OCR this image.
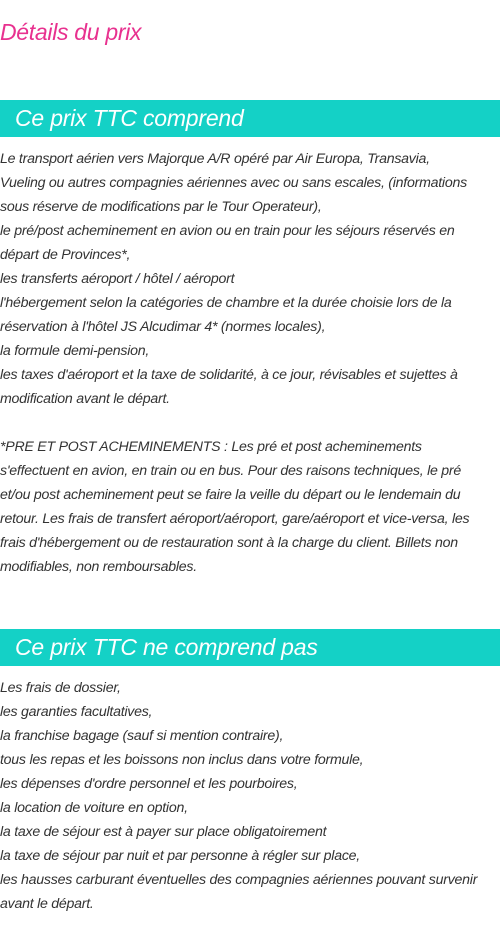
Détails du prix
Ce prix TTC comprend
Le transport aérien vers Majorque A/R opéré par Air Europa, Transavia,
Vueling ou autres compagnies aériennes avec ou sans escales, (informations
sous réserve de modifications par le Tour Operateur),
le pré/post acheminement en avion ou en train pour les séjours réservés en
départ de Provinces*,
les transferts aéroport / hôtel / aéroport
l'hébergement selon la catégories de chambre et la durée choisie lors de la
réservation à l'hôtel JS Alcudimar 4* (normes locales),
la formule demi-pension,
les taxes d'aéroport et la taxe de solidarité, à ce jour, révisables et sujettes à
modification avant le départ.
*PRE ET POST ACHEMINEMENTS : Les pré et post acheminements
s'effectuent en avion, en train ou en bus. Pour des raisons techniques, le pré
et/ou post acheminement peut se faire la veille du départ ou le lendemain du
retour. Les frais de transfert aéroport/aéroport, gare/aéroport et vice-versa, les
frais d'hébergement ou de restauration sont à la charge du client. Billets non
modifiables, non remboursables.
Ce prix TTC ne comprend pas
Les frais de dossier,
les garanties facultatives,
la franchise bagage (sauf si mention contraire),
tous les repas et les boissons non inclus dans votre formule,
les dépenses d'ordre personnel et les pourboires,
la location de voiture en option,
la taxe de séjour est à payer sur place obligatoirement
la taxe de séjour par nuit et par personne à régler sur place,
les hausses carburant éventuelles des compagnies aériennes pouvant survenir
avant le départ.
